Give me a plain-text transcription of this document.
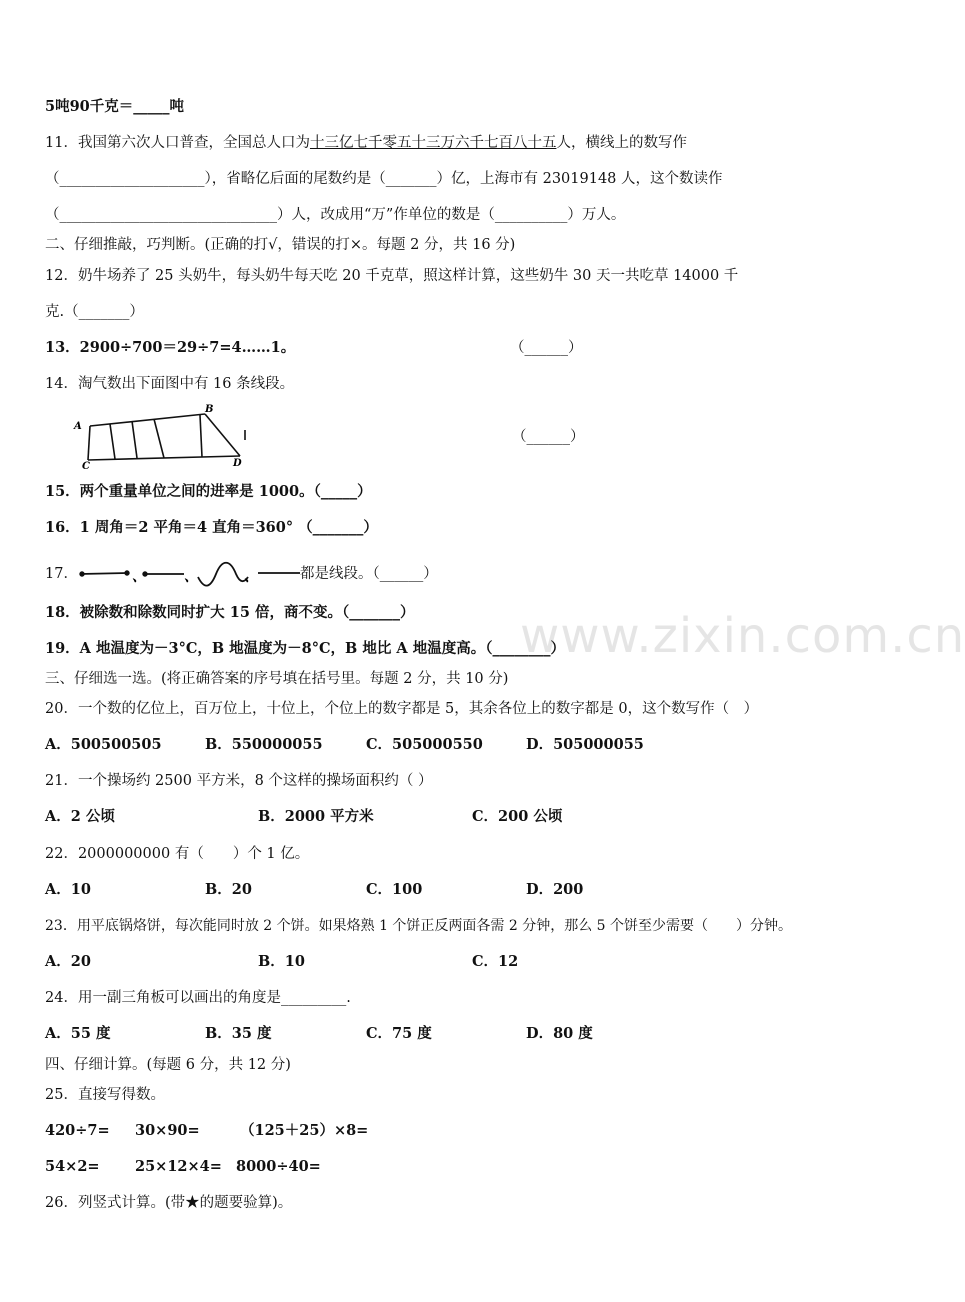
5吨90千克＝_____吨
11．我国第六次人口普查，全国总人口为十三亿七千零五十三万六千七百八十五人，横线上的数写作
（____________________），省略亿后面的尾数约是（_______）亿，上海市有 23019148 人，这个数读作
（______________________________）人，改成用“万”作单位的数是（__________）万人。
二、仔细推敲，巧判断。(正确的打√，错误的打×。每题 2 分，共 16 分)
12．奶牛场养了 25 头奶牛，每头奶牛每天吃 20 千克草，照这样计算，这些奶牛 30 天一共吃草 14000 千
克.（_______）
13．2900÷700＝29÷7=4……1。	（______）
14．淘气数出下面图中有 16 条线段。
A
B
C	D
（______）
15．两个重量单位之间的进率是 1000。（_____）
16．1 周角＝2 平角＝4 直角＝360° （_______）
17．	、	、	、	都是线段。（______）
18．被除数和除数同时扩大 15 倍，商不变。（_______）
19．A 地温度为－3°C，B 地温度为－8°C，B 地比 A 地温度高。（________）
三、仔细选一选。(将正确答案的序号填在括号里。每题 2 分，共 10 分)
20．一个数的亿位上，百万位上，十位上，个位上的数字都是 5，其余各位上的数字都是 0，这个数写作（　）
A．500500505	B．550000055	C．505000550	D．505000055
21．一个操场约 2500 平方米，8 个这样的操场面积约（ ）
A．2 公顷	B．2000 平方米	C．200 公顷
22．2000000000 有（　　）个 1 亿。
A．10	B．20	C．100	D．200
23．用平底锅烙饼，每次能同时放 2 个饼。如果烙熟 1 个饼正反两面各需 2 分钟，那么 5 个饼至少需要（　　）分钟。
A．20	B．10	C．12
24．用一副三角板可以画出的角度是_________.
A．55 度	B．35 度	C．75 度	D．80 度
四、仔细计算。(每题 6 分，共 12 分)
25．直接写得数。
420÷7= 30×90=	（125＋25）×8=
54×2= 25×12×4= 8000÷40=
26．列竖式计算。(带★的题要验算)。
www.zixin.com.cn
